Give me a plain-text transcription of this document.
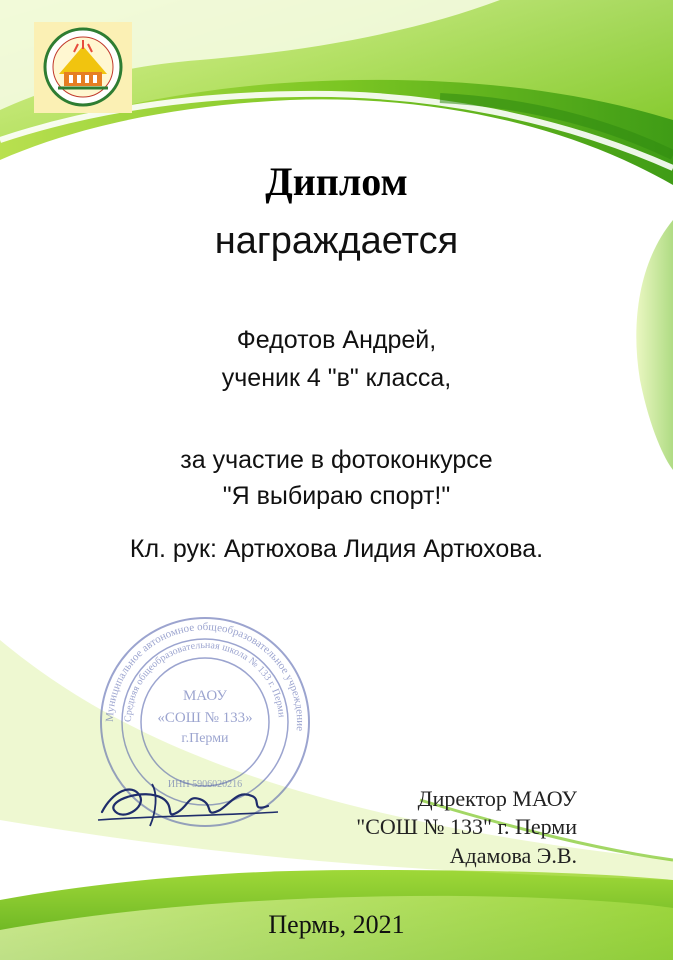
Диплом
награждается
Федотов Андрей,
ученик 4 "в" класса,
за участие в фотоконкурсе
"Я выбираю спорт!"
Кл. рук: Артюхова Лидия Артюхова.
Муниципальное автономное общеобразовательное учреждение
Средняя общеобразовательная школа № 133 г. Перми
МАОУ
«СОШ № 133»
г.Перми
ИНН 5906020216
Директор МАОУ
"СОШ № 133" г. Перми
Адамова Э.В.
Пермь, 2021
